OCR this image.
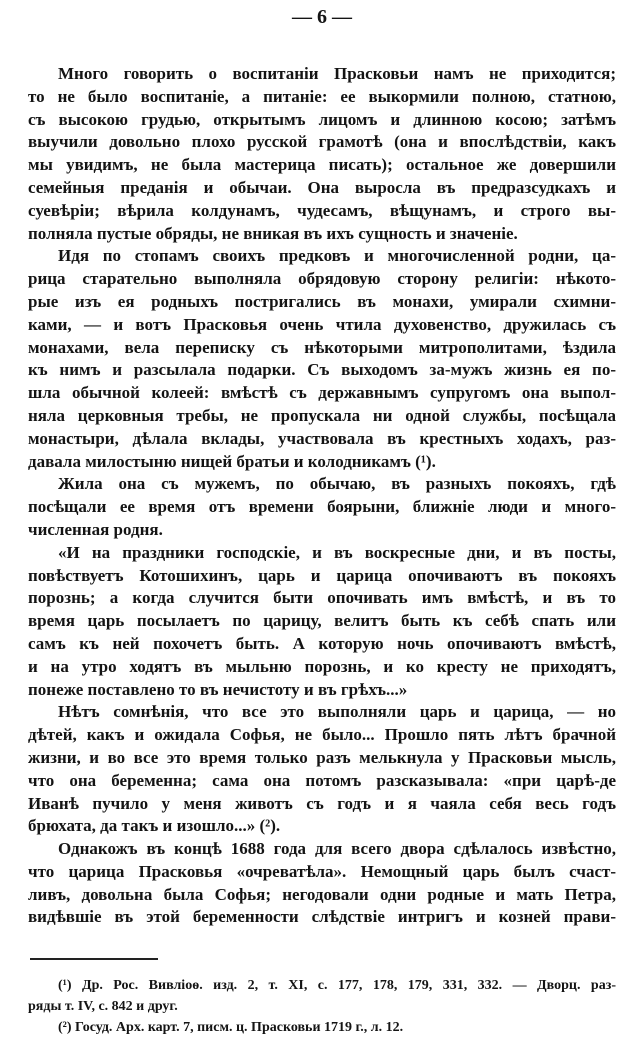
— 6 —
Много говорить о воспитаніи Прасковьи намъ не приходится;
то не было воспитаніе, а питаніе: ее выкормили полною, статною,
съ высокою грудью, открытымъ лицомъ и длинною косою; затѣмъ
выучили довольно плохо русской грамотѣ (она и впослѣдствіи, какъ
мы увидимъ, не была мастерица писать); остальное же довершили
семейныя преданія и обычаи. Она выросла въ предразсудкахъ и
суевѣріи; вѣрила колдунамъ, чудесамъ, вѣщунамъ, и строго вы-
полняла пустые обряды, не вникая въ ихъ сущность и значеніе.
Идя по стопамъ своихъ предковъ и многочисленной родни, ца-
рица старательно выполняла обрядовую сторону религіи: нѣкото-
рые изъ ея родныхъ постригались въ монахи, умирали схимни-
ками, — и вотъ Прасковья очень чтила духовенство, дружилась съ
монахами, вела переписку съ нѣкоторыми митрополитами, ѣздила
къ нимъ и разсылала подарки. Съ выходомъ за-мужъ жизнь ея по-
шла обычной колеей: вмѣстѣ съ державнымъ супругомъ она выпол-
няла церковныя требы, не пропускала ни одной службы, посѣщала
монастыри, дѣлала вклады, участвовала въ крестныхъ ходахъ, раз-
давала милостыню нищей братьи и колодникамъ (¹).
Жила она съ мужемъ, по обычаю, въ разныхъ покояхъ, гдѣ
посѣщали ее время отъ времени боярыни, ближніе люди и много-
численная родня.
«И на праздники господскіе, и въ воскресные дни, и въ посты,
повѣствуетъ Котошихинъ, царь и царица опочиваютъ въ покояхъ
порознь; а когда случится быти опочивать имъ вмѣстѣ, и въ то
время царь посылаетъ по царицу, велитъ быть къ себѣ спать или
самъ къ ней похочетъ быть. А которую ночь опочиваютъ вмѣстѣ,
и на утро ходятъ въ мыльню порознь, и ко кресту не приходятъ,
понеже поставлено то въ нечистоту и въ грѣхъ...»
Нѣтъ сомнѣнія, что все это выполняли царь и царица, — но
дѣтей, какъ и ожидала Софья, не было... Прошло пять лѣтъ брачной
жизни, и во все это время только разъ мелькнула у Прасковьи мысль,
что она беременна; сама она потомъ разсказывала: «при царѣ-де
Иванѣ пучило у меня животъ съ годъ и я чаяла себя весь годъ
брюхата, да такъ и изошло...» (²).
Однакожъ въ концѣ 1688 года для всего двора сдѣлалось извѣстно,
что царица Прасковья «очреватѣла». Немощный царь былъ счаст-
ливъ, довольна была Софья; негодовали одни родные и мать Петра,
видѣвшіе въ этой беременности слѣдствіе интригъ и козней прави-
(¹) Др. Рос. Вивліоѳ. изд. 2, т. XI, с. 177, 178, 179, 331, 332. — Дворц. раз-
ряды т. IV, с. 842 и друг.
(²) Госуд. Арх. карт. 7, писм. ц. Прасковьи 1719 г., л. 12.
